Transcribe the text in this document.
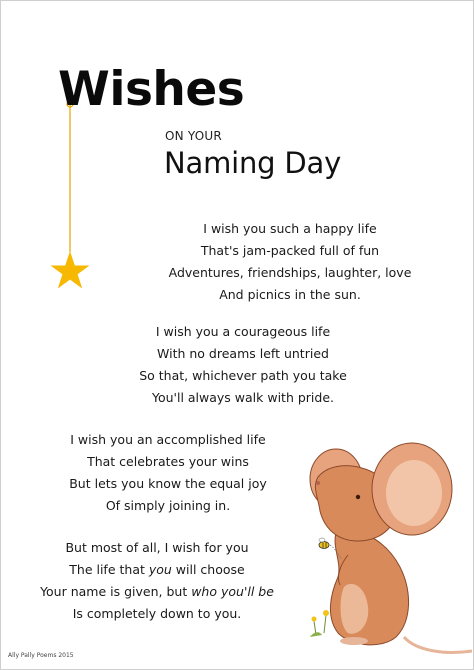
Wishes
ON YOUR
Naming Day
I wish you such a happy life
That's jam-packed full of fun
Adventures, friendships, laughter, love
And picnics in the sun.
I wish you a courageous life
With no dreams left untried
So that, whichever path you take
You'll always walk with pride.
I wish you an accomplished life
That celebrates your wins
But lets you know the equal joy
Of simply joining in.
But most of all, I wish for you
The life that you will choose
Your name is given, but who you'll be
Is completely down to you.
Ally Pally Poems 2015
